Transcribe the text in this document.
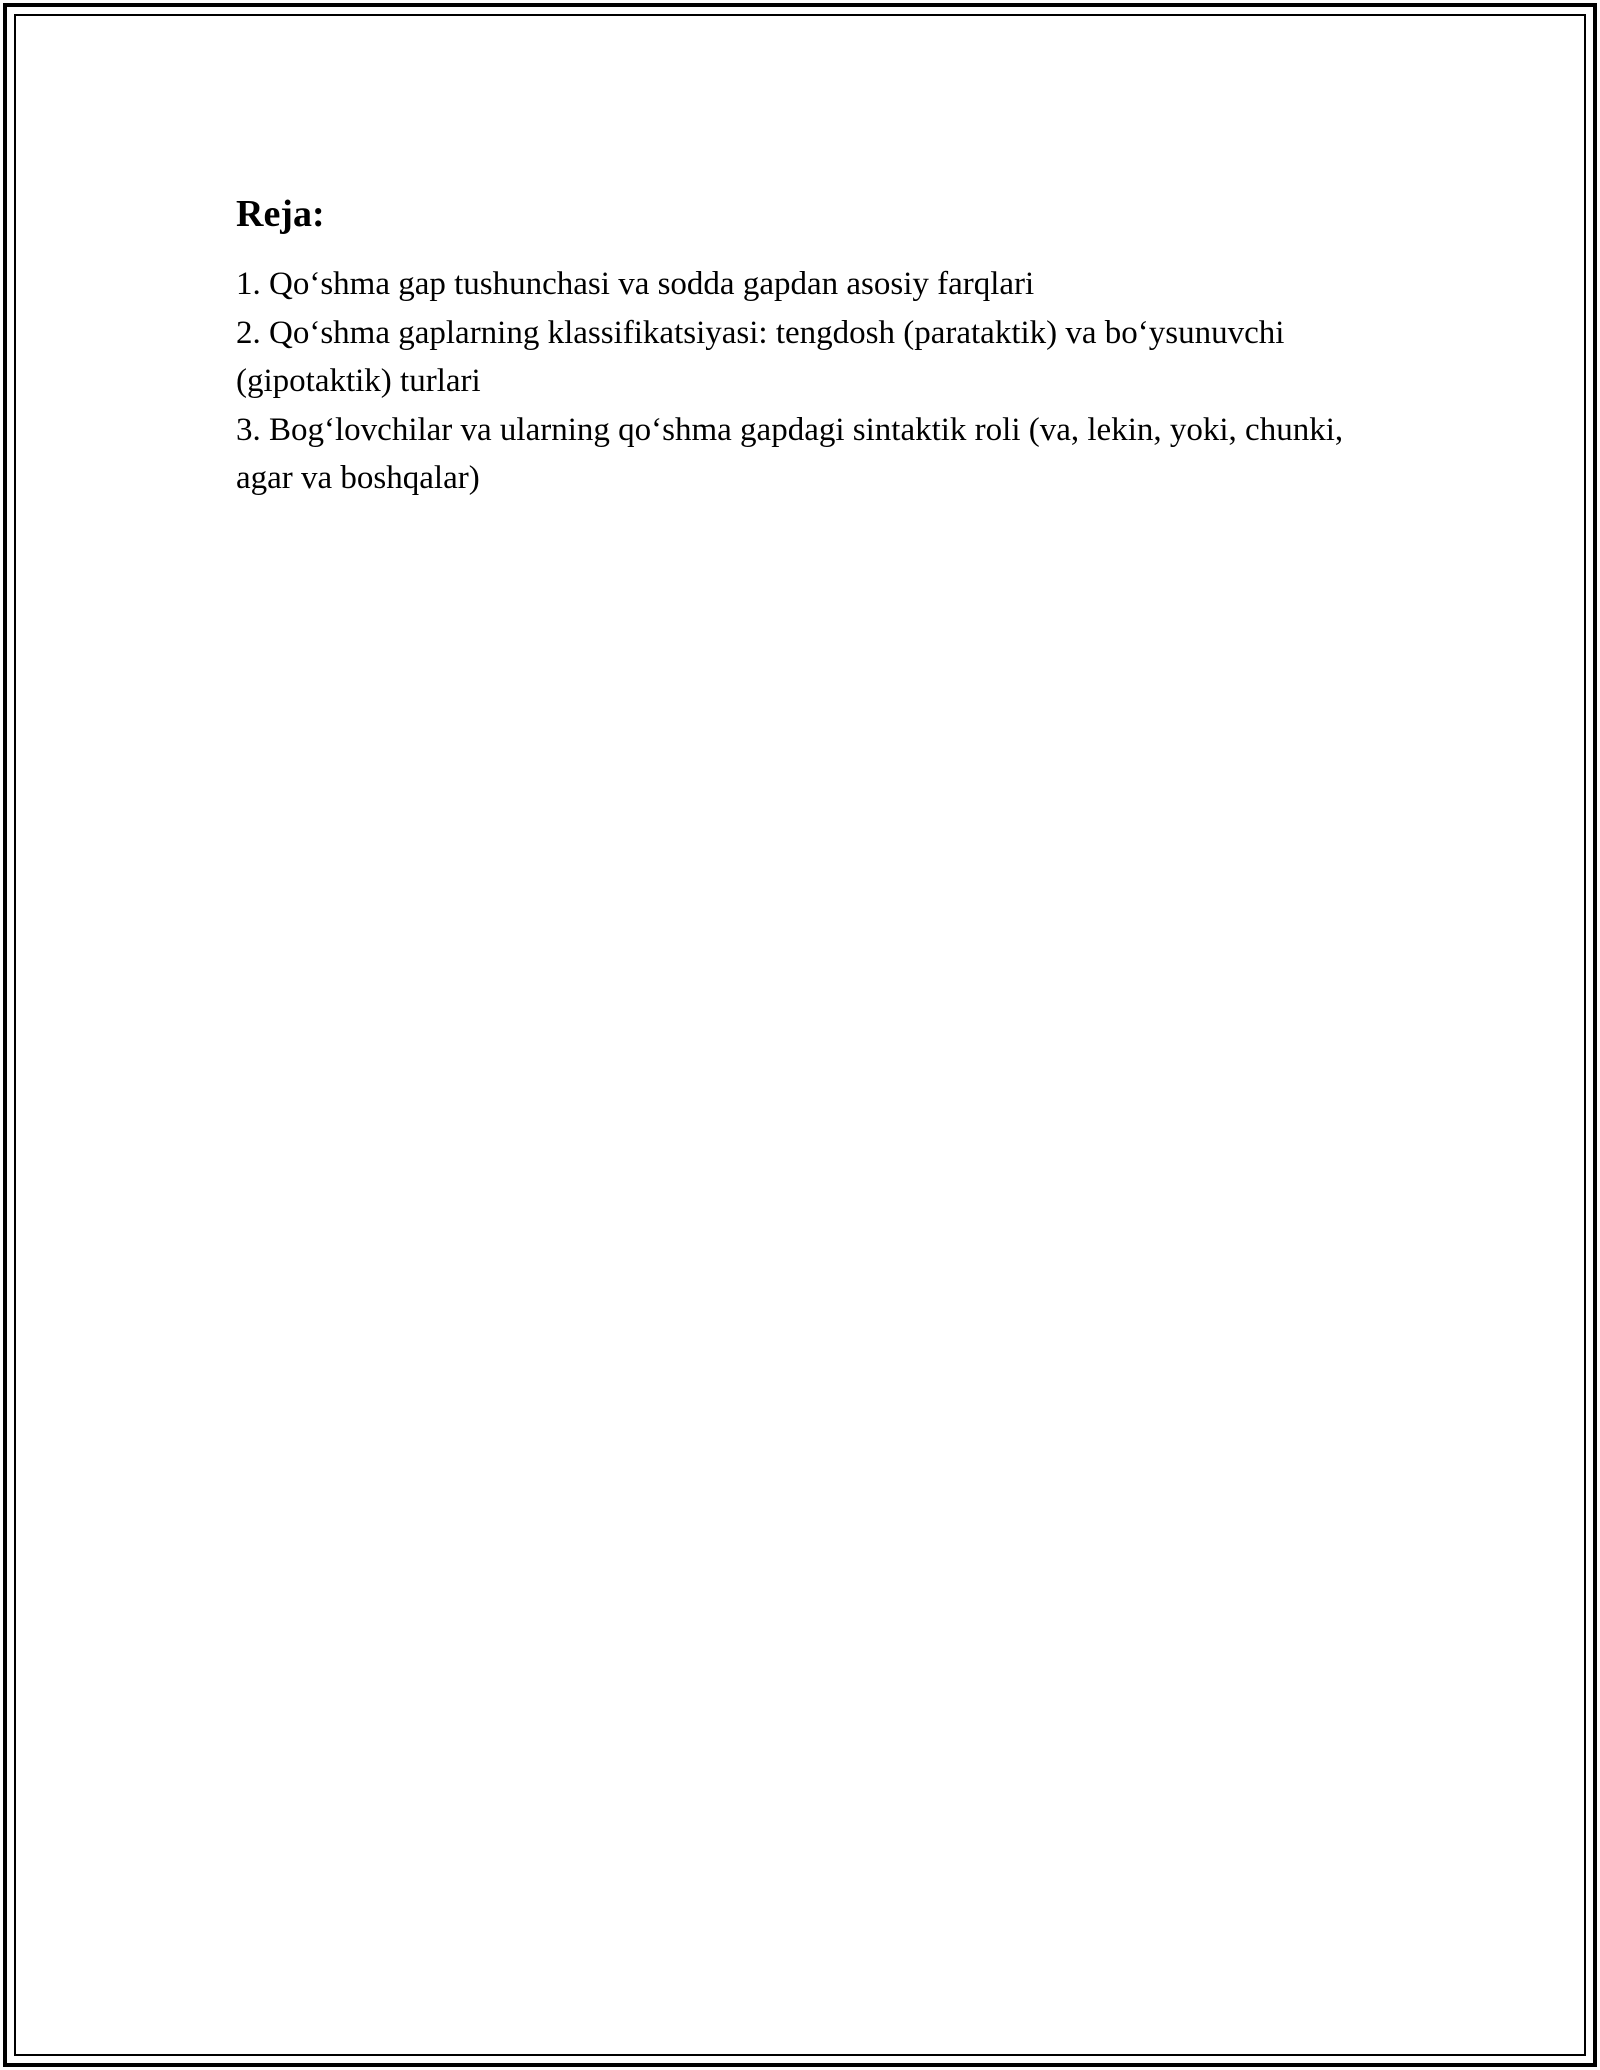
Reja:
1. Qo‘shma gap tushunchasi va sodda gapdan asosiy farqlari
2. Qo‘shma gaplarning klassifikatsiyasi: tengdosh (parataktik) va bo‘ysunuvchi (gipotaktik) turlari
3. Bog‘lovchilar va ularning qo‘shma gapdagi sintaktik roli (va, lekin, yoki, chunki, agar va boshqalar)
